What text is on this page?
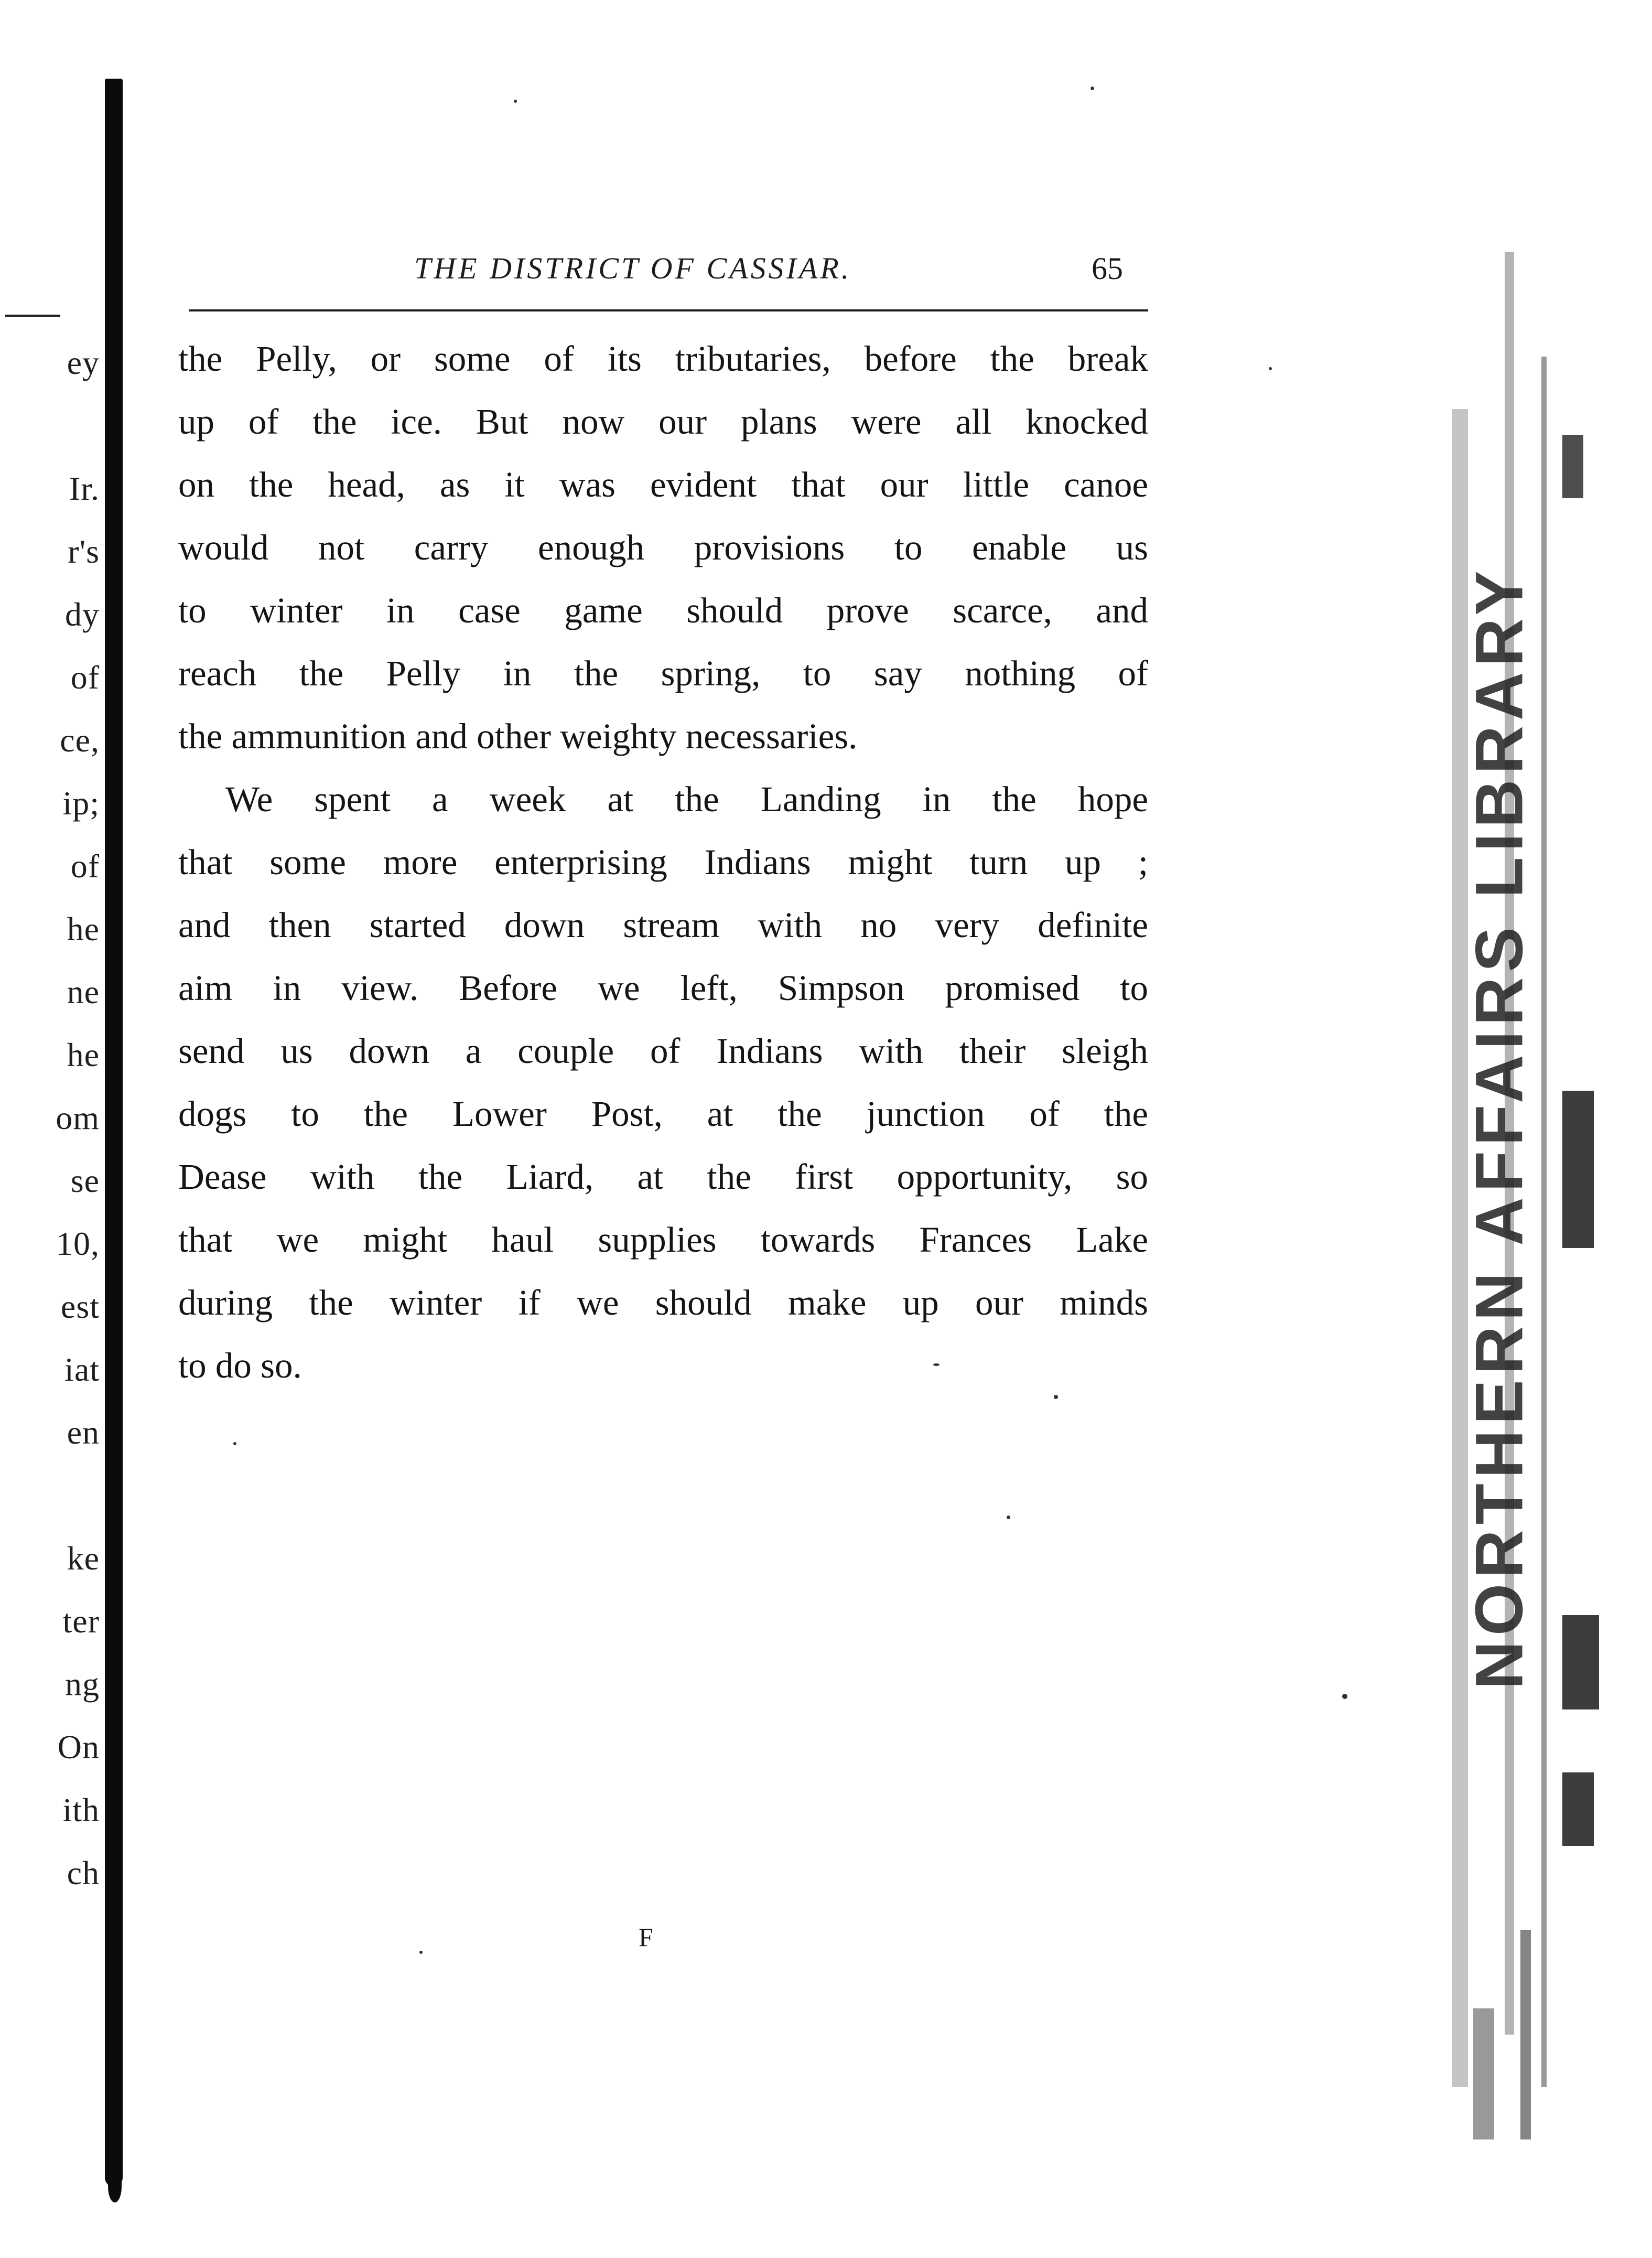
ey
Ir.
r's
dy
of
ce,
ip;
of
he
ne
he
om
se
10,
est
iat
en
ke
ter
ng
On
ith
ch
THE DISTRICT OF CASSIAR.	65
the Pelly, or some of its tributaries, before the break
up of the ice. But now our plans were all knocked
on the head, as it was evident that our little canoe
would not carry enough provisions to enable us
to winter in case game should prove scarce, and
reach the Pelly in the spring, to say nothing of
the ammunition and other weighty necessaries.
We spent a week at the Landing in the hope
that some more enterprising Indians might turn up ;
and then started down stream with no very definite
aim in view. Before we left, Simpson promised to
send us down a couple of Indians with their sleigh
dogs to the Lower Post, at the junction of the
Dease with the Liard, at the first opportunity, so
that we might haul supplies towards Frances Lake
during the winter if we should make up our minds
to do so.
F
NORTHERN AFFAIRS LIBRARY
